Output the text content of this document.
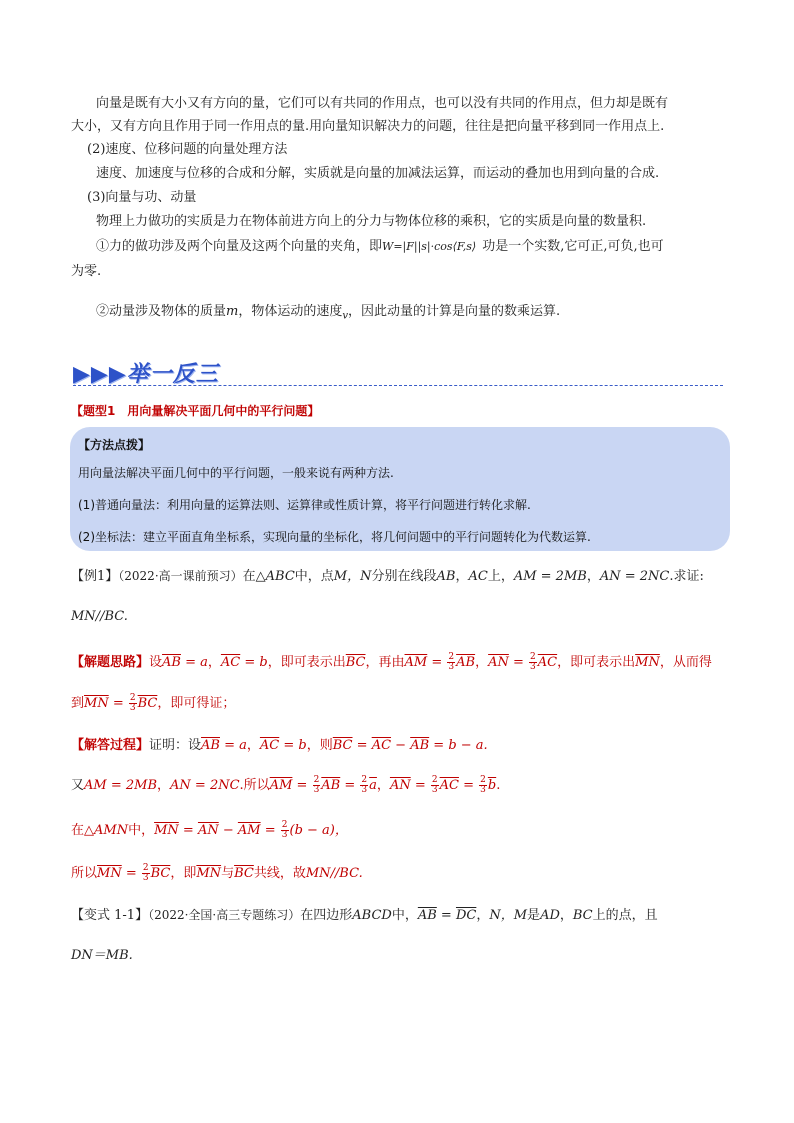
向量是既有大小又有方向的量，它们可以有共同的作用点，也可以没有共同的作用点，但力却是既有
大小，又有方向且作用于同一作用点的量.用向量知识解决力的问题，往往是把向量平移到同一作用点上.
(2)速度、位移问题的向量处理方法
速度、加速度与位移的合成和分解，实质就是向量的加减法运算，而运动的叠加也用到向量的合成.
(3)向量与功、动量
物理上力做功的实质是力在物体前进方向上的分力与物体位移的乘积，它的实质是向量的数量积.
①力的做功涉及两个向量及这两个向量的夹角，即W=|F||s|·cos⟨F,s⟩ 功是一个实数,它可正,可负,也可
为零.
②动量涉及物体的质量m，物体运动的速度$_v$，因此动量的计算是向量的数乘运算.
▶▶▶举一反三
【题型1　用向量解决平面几何中的平行问题】
【方法点拨】
用向量法解决平面几何中的平行问题，一般来说有两种方法.
(1)普通向量法：利用向量的运算法则、运算律或性质计算，将平行问题进行转化求解.
(2)坐标法：建立平面直角坐标系，实现向量的坐标化，将几何问题中的平行问题转化为代数运算.
【例1】（2022·高一课前预习）在△ABC中，点M，N分别在线段AB，AC上，AM = 2MB，AN = 2NC.求证:
MN//BC.
【解题思路】设$\overline{AB} = a$，$\overline{AC} = b$，即可表示出$\overline{BC}$，再由$\overline{AM} = \frac{2}{3} \overline{AB}$，$\overline{AN} = \frac{2}{3} \overline{AC}$，即可表示出$\overline{MN}$，从而得
到$\overline{MN} = \frac{2}{3} \overline{BC}$，即可得证；
【解答过程】证明：设$\overline{AB} = a$，$\overline{AC} = b$，则$\overline{BC} = \overline{AC} - \overline{AB} = b - a$.
又AM = 2MB，AN = 2NC.所以$\overline{AM} = \frac{2}{3} \overline{AB} = \frac{2}{3} \overline{a}$，$\overline{AN} = \frac{2}{3} \overline{AC} = \frac{2}{3} \overline{b}$.
在△AMN中，$\overline{MN} = \overline{AN} - \overline{AM} = \frac{2}{3} (b - a)$，
所以$\overline{MN} = \frac{2}{3} \overline{BC}$，即$\overline{MN}$与$\overline{BC}$共线，故MN//BC.
【变式 1-1】（2022·全国·高三专题练习）在四边形ABCD中，$\overline{AB} = \overline{DC}$，N，M是AD，BC上的点，且
DN＝MB.
